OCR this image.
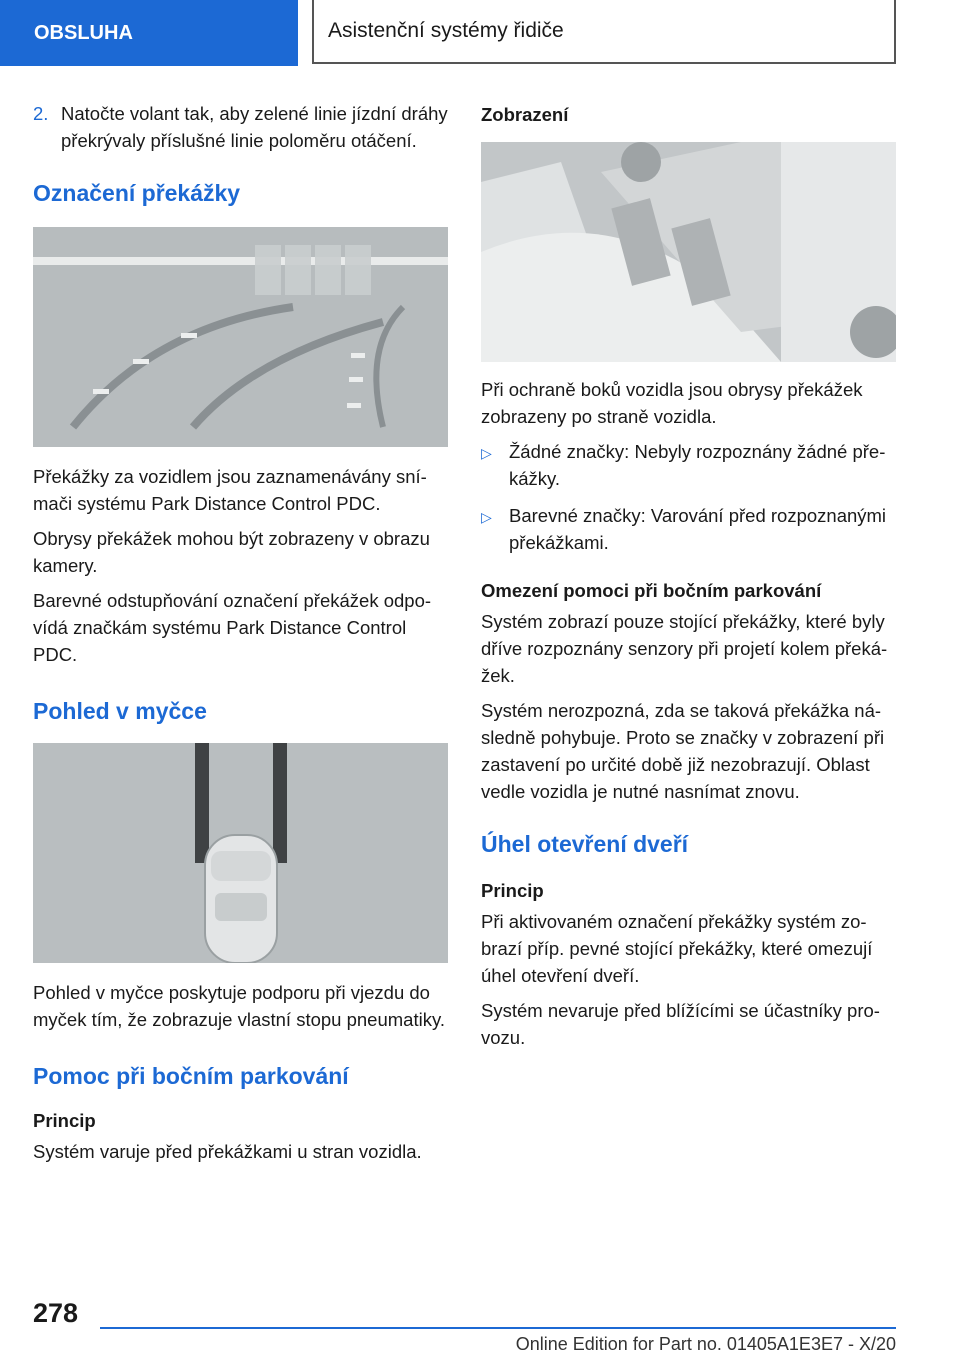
OBSLUHA	Asistenční systémy řidiče
2. Natočte volant tak, aby zelené linie jízdní dráhy překrývaly příslušné linie poloměru otáčení.
Označení překážky

Překážky za vozidlem jsou zaznamenávány snímači systému Park Distance Control PDC.

Obrysy překážek mohou být zobrazeny v obrazu kamery.

Barevné odstupňování označení překážek odpovídá značkám systému Park Distance Control PDC.

Pohled v myčce

Pohled v myčce poskytuje podporu při vjezdu do myček tím, že zobrazuje vlastní stopu pneumatiky.

Pomoc při bočním parkování
Princip

Systém varuje před překážkami u stran vozidla.

Zobrazení

Při ochraně boků vozidla jsou obrysy překážek zobrazeny po straně vozidla.

▷ Žádné značky: Nebyly rozpoznány žádné překážky.
▷ Barevné značky: Varování před rozpoznanými překážkami.
Omezení pomoci při bočním parkování

Systém zobrazí pouze stojící překážky, které byly dříve rozpoznány senzory při projetí kolem překážek.

Systém nerozpozná, zda se taková překážka následně pohybuje. Proto se značky v zobrazení při zastavení po určité době již nezobrazují. Oblast vedle vozidla je nutné nasnímat znovu.

Úhel otevření dveří
Princip

Při aktivovaném označení překážky systém zobrazí příp. pevné stojící překážky, které omezují úhel otevření dveří.

Systém nevaruje před blížícími se účastníky provozu.

278
Online Edition for Part no. 01405A1E3E7 - X/20
